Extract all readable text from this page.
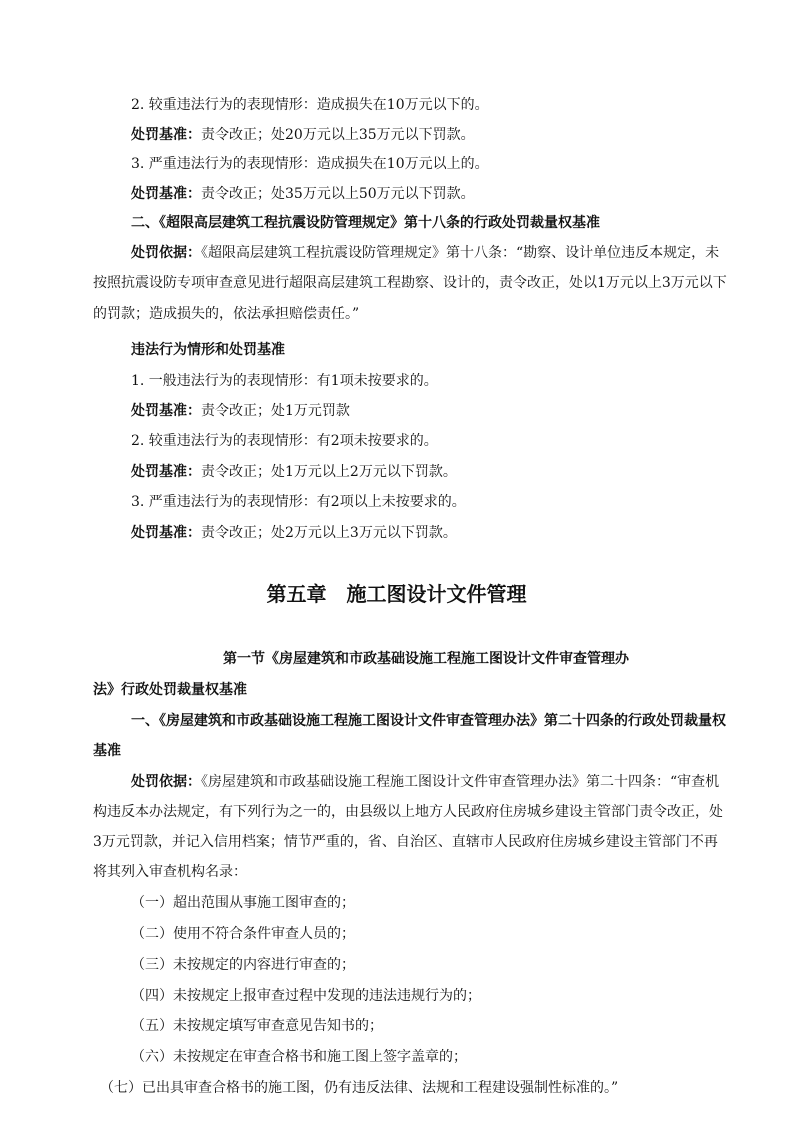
2. 较重违法行为的表现情形：造成损失在10万元以下的。
处罚基准：责令改正；处20万元以上35万元以下罚款。
3. 严重违法行为的表现情形：造成损失在10万元以上的。
处罚基准：责令改正；处35万元以上50万元以下罚款。
二、《超限高层建筑工程抗震设防管理规定》第十八条的行政处罚裁量权基准
处罚依据：《超限高层建筑工程抗震设防管理规定》第十八条：“勘察、设计单位违反本规定，未
按照抗震设防专项审查意见进行超限高层建筑工程勘察、设计的，责令改正，处以1万元以上3万元以下
的罚款；造成损失的，依法承担赔偿责任。”
违法行为情形和处罚基准
1. 一般违法行为的表现情形：有1项未按要求的。
处罚基准：责令改正；处1万元罚款
2. 较重违法行为的表现情形：有2项未按要求的。
处罚基准：责令改正；处1万元以上2万元以下罚款。
3. 严重违法行为的表现情形：有2项以上未按要求的。
处罚基准：责令改正；处2万元以上3万元以下罚款。
第五章　施工图设计文件管理
第一节《房屋建筑和市政基础设施工程施工图设计文件审查管理办
法》行政处罚裁量权基准
一、《房屋建筑和市政基础设施工程施工图设计文件审查管理办法》第二十四条的行政处罚裁量权
基准
处罚依据：《房屋建筑和市政基础设施工程施工图设计文件审查管理办法》第二十四条：“审查机
构违反本办法规定，有下列行为之一的，由县级以上地方人民政府住房城乡建设主管部门责令改正，处
3万元罚款，并记入信用档案；情节严重的，省、自治区、直辖市人民政府住房城乡建设主管部门不再
将其列入审查机构名录：
（一）超出范围从事施工图审查的；
（二）使用不符合条件审查人员的；
（三）未按规定的内容进行审查的；
（四）未按规定上报审查过程中发现的违法违规行为的；
（五）未按规定填写审查意见告知书的；
（六）未按规定在审查合格书和施工图上签字盖章的；
（七）已出具审查合格书的施工图，仍有违反法律、法规和工程建设强制性标准的。”
